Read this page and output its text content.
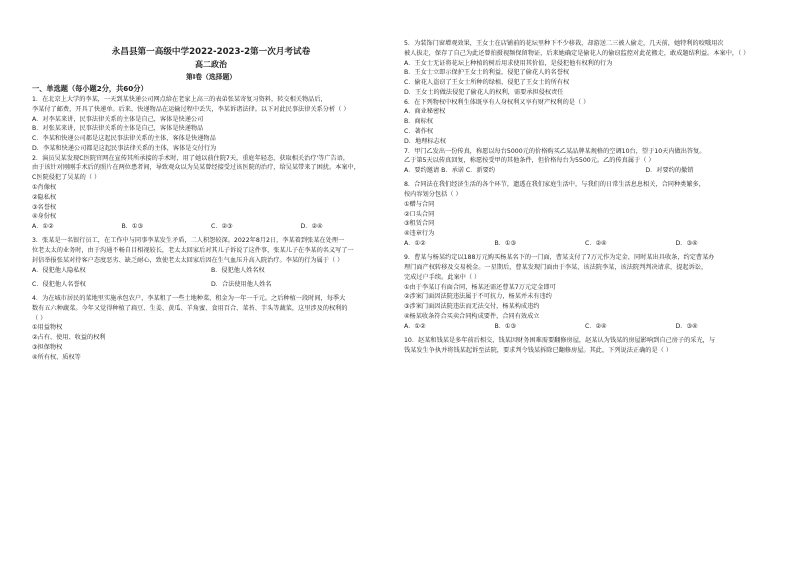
永昌县第一高级中学2022-2023-2第一次月考试卷
高二政治
第Ⅰ卷（选择题）
一、单选题（每小题2分，共60分）

1．在北京上大学的李某，一天到某快递公司网点给在老家上高三的表弟张某寄复习资料，转交相关物品后，

李某付了邮费，开具了快递单。后来，快递物品在运输过程中丢失，李某诉诸法律。以下对此民事法律关系分析（ ）

A．对李某来讲，民事法律关系的主体是自己，客体是快递公司

B．对张某来讲，民事法律关系的主体是自己，客体是快递物品

C．李某和快递公司都是这起民事法律关系的主体，客体是快递物品

D．李某和快递公司都是这起民事法律关系的主体，客体是交付行为

2．演员吴某发现C医院官网在宣传其所承接的手术时，用了她以前住院7天，重庭年轻态，获取相关治疗'等广告语，

由于该针对刚刚手术后的照片在两位患者间，导致观众以为吴某曾经接受过该医院的治疗，给吴某带来了困扰。本案中，

C医院侵犯了吴某的（ ）

①肖像权

②隐私权

③名誉权

④身份权

A．①②	B．①③	C．②③	D．②④

3．张某是一名银行员工，在工作中与同事李某发生矛盾，二人积怨较深。2022年8月2日，李某着到张某在处理一

位老太太的业务时，由于沟通不畅自目相视较长，老太太回家后对其儿子诉说了这件事，张某儿子在李某的名义写了一

封信举报张某对待客户态度恶劣、缺乏耐心，致使老太太回家后因在生气血压升高入院治疗。李某的行为属于（ ）

A．侵犯他人隐私权	B．侵犯他人姓名权
C．侵犯他人名誉权	D．合法使用他人姓名

4．为在城市居民的菜地里实施承包农户，李某租了一些土地种菜，租金为一年一千元。之后种植一段时间，每季大

数有五六种蔬菜。今年又觉得种植了扁豆、生姜、黄瓜、羊角蜜、食用百合、菜苔、芋头等蔬菜，这里涉及的权利的

（ ）

①用益物权

②占有、使用、收益的权利

③担保物权

④所有权、质权等

5．为装饰门窗增观效果，王女士在店铺前的花坛里种下不少移栽，却游送二三被人偷走，几天前，她特利的咬哦用次

被人拔走，保存了自己为此还曾拍摄视频保留物证，后来她确定是偷花人的偷窃监控对此花搬走，敢成题结利益。本案中，（ ）

A．王女士无证将花坛上种植的树后用求使用其价值，是侵犯他有权利的行为

B．王女士立即示保护王女士的利益，侵犯了偷花人的名誉权

C．偷花人盗窃了王女士所种的绿植，侵犯了王女士的所有权

D．王女士的做法侵犯了偷花人的权利，需要承担侵权责任

6．在下列物权中权利生体既享有人身权利又享有财产权利的是（ ）

A．商业秘密权

B．商标权

C．著作权

D．地理标志权

7．甲门乙发出一份传真，称愿以每台5000元的价格购买乙某品牌某规格的空调10台，望于10天内做出答复。

乙于第5天以传真回复，称愿按受甲的其他条件，但价格每台为5500元。乙的传真属于（ ）

A．要约邀请 B．承诺 C．新要约	D．对要约的撤销

8．合同法在我们经济生活的各个环节，遗透在我们家庭生活中，与我们的日常生活息息相关，合同种类繁多，

按内容划分包括（ ）

①赠与合同

②口头合同

③租赁合同

④违章行为

A．①②	B．①③	C．②④	D．③④

9．曹某与杨某约定以188万元购买杨某名下的一门面，曹某支付了7万元作为定金，同时某出具收条，约定曹某办

理门面产权转移及交易税金。一星期后，曹某发现门面由于李某，该法院李某，该法院判判决请求，提起诉讼，

完成过户手续。此案中（ ）

①由于李某订有面合同，杨某还需还曹某7万元定金即可

②涉案门面因法院违法属于不可抗力，杨某并未有违约

③涉案门面因法院违法而无法交付，杨某构成违约

④杨某收条符合买卖合同构成要件，合同有效成立

A．①②	B．①③	C．②④	D．③④

10．赵某和钱某是多年前后相交，钱某因财务困难需要翻修房屋，赵某认为钱某的房屋影响到自己房子的采光，与

钱某发生争执并将钱某起诉至法院，要求判令钱某拆除已翻修房屋。其此，下列说法正确的是（ ）
